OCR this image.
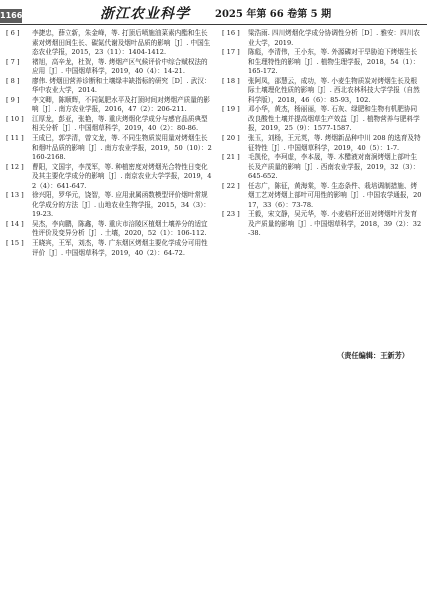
1166	浙江农业科学	2025 年第 66 卷第 5 期
[ 6 ]	李捷忠，薛立新，朱金峰，等. 打顶后喷施油菜素内酯和生长素对烤烟田间生长、碳氮代谢及烟叶品质的影响［J］. 中国生态农业学报，2015，23（11）：1404-1412.
[ 7 ]	褚旭，高辛龙，杜贺，等. 烤烟产区气候评价中综合赋权法的应用［J］. 中国烟草科学，2019，40（4）：14-21.
[ 8 ]	廖伟. 烤烟田营养诊断和土壤绿丰缺指标的研究［D］. 武汉：华中农业大学，2014.
[ 9 ]	李文卿，陈顺辉，不同氮肥水平及打顶时间对烤烟产质量的影响［J］. 南方农业学报，2016，47（2）：206-211.
[ 10 ]	江厚龙，彭亚，张艳，等. 重庆烤烟化学成分与感官品质典型相关分析［J］. 中国烟草科学，2019，40（2）：80-86.
[ 11 ]	王成已，郭学清，曾文龙，等. 不同生物质炭用量对烤烟生长和烟叶品质的影响［J］. 南方农业学报，2019，50（10）：2160-2168.
[ 12 ]	曹阳，文国宇，李茂军，等. 种植密度对烤烟光合特性日变化及其主要化学成分的影响［J］. 南京农业大学学报，2019，42（4）：641-647.
[ 13 ]	徐兴阳，罗华元，饶智，等. 应用隶属函数模型评价烟叶常规化学成分的方法［J］. 山地农业生物学报，2015，34（3）：19-23.
[ 14 ]	吴杰，李向鹏，陈鑫，等. 重庆市涪陵区植烟土壤养分的适宜性评价及变异分析［J］. 土壤，2020，52（1）：106-112.
[ 15 ]	王晓宾，王军，刘杰，等. 广东烟区烤烟主要化学成分可用性评价［J］. 中国烟草科学，2019，40（2）：64-72.
[ 16 ]	梁浩雨. 四川烤烟化学成分协调性分析［D］. 雅安：四川农业大学，2019.
[ 17 ]	陈彪，李清伟，王小东，等. 外源磷对干旱胁迫下烤烟生长和生理特性的影响［J］. 植物生理学报，2018，54（1）：165-172.
[ 18 ]	张阿凤，邵慧云，成功，等. 小麦生物质炭对烤烟生长及根际土壤理化性质的影响［J］. 西北农林科技大学学报（自然科学版），2018，46（6）：85-93，102.
[ 19 ]	邓小华，黄杰，杨丽丽，等. 石灰、绿肥和生物有机肥协同改良酸性土壤并提高烟草生产效益［J］. 植物营养与肥料学报，2019，25（9）：1577-1587.
[ 20 ]	张玉，刘杨，王元英，等. 烤烟新品种中川 208 的选育及特征特性［J］. 中国烟草科学，2019，40（5）：1-7.
[ 21 ]	毛凯伦，李珂虚，李本晟，等. 木醋液对南涧烤烟上部叶生长及产质量的影响［J］. 西南农业学报，2019，32（3）：645-652.
[ 22 ]	任志广，陈征，黄海棠，等. 生态条件、栽培调制措施、烤烟工艺对烤烟上部叶可用性的影响［J］. 中国农学通报，2017，33（6）：73-78.
[ 23 ]	王毅，宋文静，吴元华，等. 小麦秸秆还田对烤烟叶片发育及产质量的影响［J］. 中国烟草科学，2018，39（2）：32-38.
（责任编辑：王新芳）
